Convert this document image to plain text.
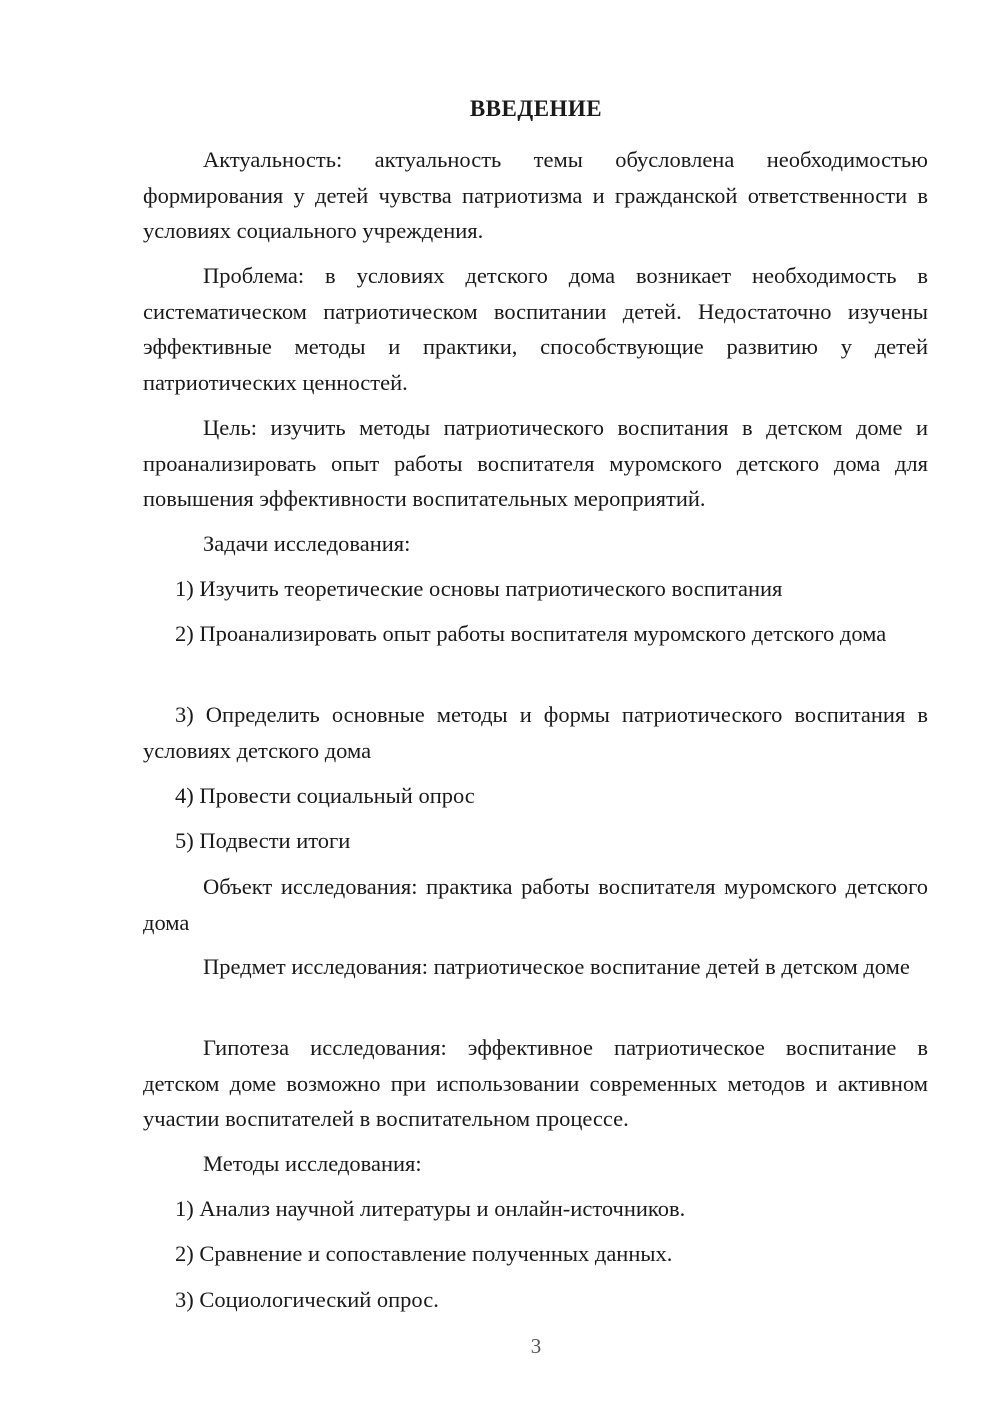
ВВЕДЕНИЕ
Актуальность: актуальность темы обусловлена необходимостью формирования у детей чувства патриотизма и гражданской ответственности в условиях социального учреждения.
Проблема: в условиях детского дома возникает необходимость в систематическом патриотическом воспитании детей. Недостаточно изучены эффективные методы и практики, способствующие развитию у детей патриотических ценностей.
Цель: изучить методы патриотического воспитания в детском доме и проанализировать опыт работы воспитателя муромского детского дома для повышения эффективности воспитательных мероприятий.
Задачи исследования:
1) Изучить теоретические основы патриотического воспитания
2) Проанализировать опыт работы воспитателя муромского детского дома
3) Определить основные методы и формы патриотического воспитания в условиях детского дома
4) Провести социальный опрос
5) Подвести итоги
Объект исследования: практика работы воспитателя муромского детского дома
Предмет исследования: патриотическое воспитание детей в детском доме
Гипотеза исследования: эффективное патриотическое воспитание в детском доме возможно при использовании современных методов и активном участии воспитателей в воспитательном процессе.
Методы исследования:
1) Анализ научной литературы и онлайн-источников.
2) Сравнение и сопоставление полученных данных.
3) Социологический опрос.
3
